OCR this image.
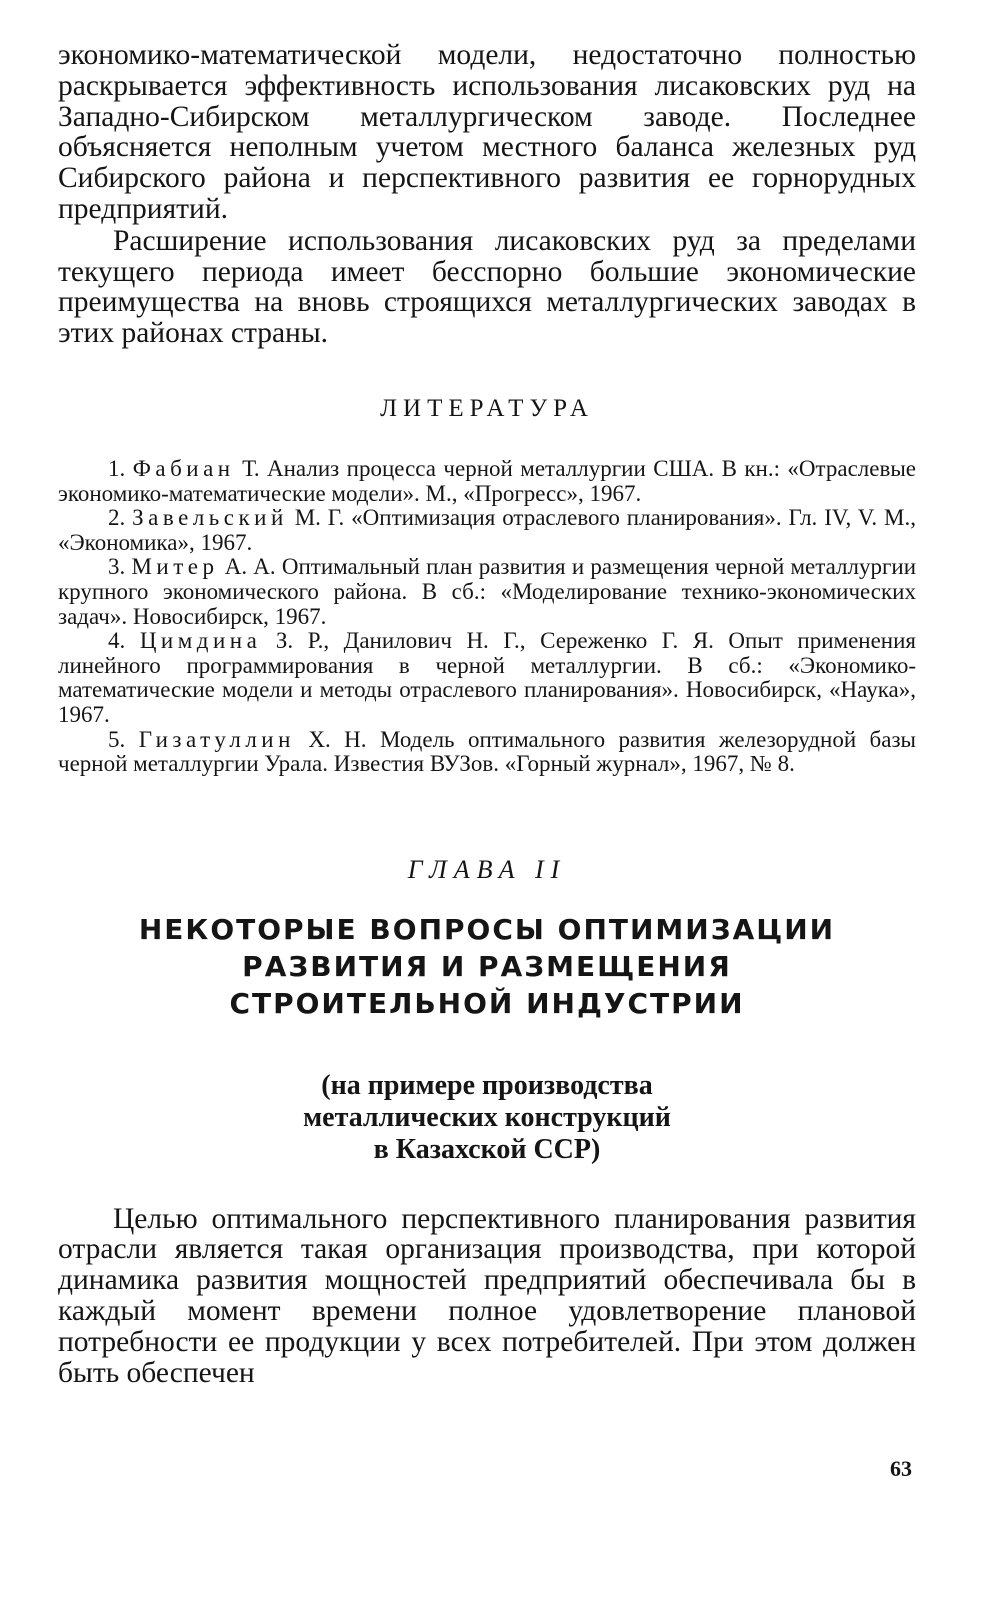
экономико-математической модели, недостаточно полностью раскрывается эффективность использования лисаковских руд на Западно-Сибирском металлургическом заводе. Последнее объясняется неполным учетом местного баланса железных руд Сибирского района и перспективного развития ее горнорудных предприятий.

Расширение использования лисаковских руд за пределами текущего периода имеет бесспорно большие экономические преимущества на вновь строящихся металлургических заводах в этих районах страны.

ЛИТЕРАТУРА

1. Фабиан Т. Анализ процесса черной металлургии США. В кн.: «Отраслевые экономико-математические модели». М., «Прогресс», 1967.

2. Завельский М. Г. «Оптимизация отраслевого планирования». Гл. IV, V. М., «Экономика», 1967.

3. Митер А. А. Оптимальный план развития и размещения черной металлургии крупного экономического района. В сб.: «Моделирование технико-экономических задач». Новосибирск, 1967.

4. Цимдина З. Р., Данилович Н. Г., Сереженко Г. Я. Опыт применения линейного программирования в черной металлургии. В сб.: «Экономико-математические модели и методы отраслевого планирования». Новосибирск, «Наука», 1967.

5. Гизатуллин Х. Н. Модель оптимального развития железорудной базы черной металлургии Урала. Известия ВУЗов. «Горный журнал», 1967, № 8.

ГЛАВА II

НЕКОТОРЫЕ ВОПРОСЫ ОПТИМИЗАЦИИ

РАЗВИТИЯ И РАЗМЕЩЕНИЯ

СТРОИТЕЛЬНОЙ ИНДУСТРИИ

(на примере производства
металлических конструкций
в Казахской ССР)

Целью оптимального перспективного планирования развития отрасли является такая организация производства, при которой динамика развития мощностей предприятий обеспечивала бы в каждый момент времени полное удовлетворение плановой потребности ее продукции у всех потребителей. При этом должен быть обеспечен

63
